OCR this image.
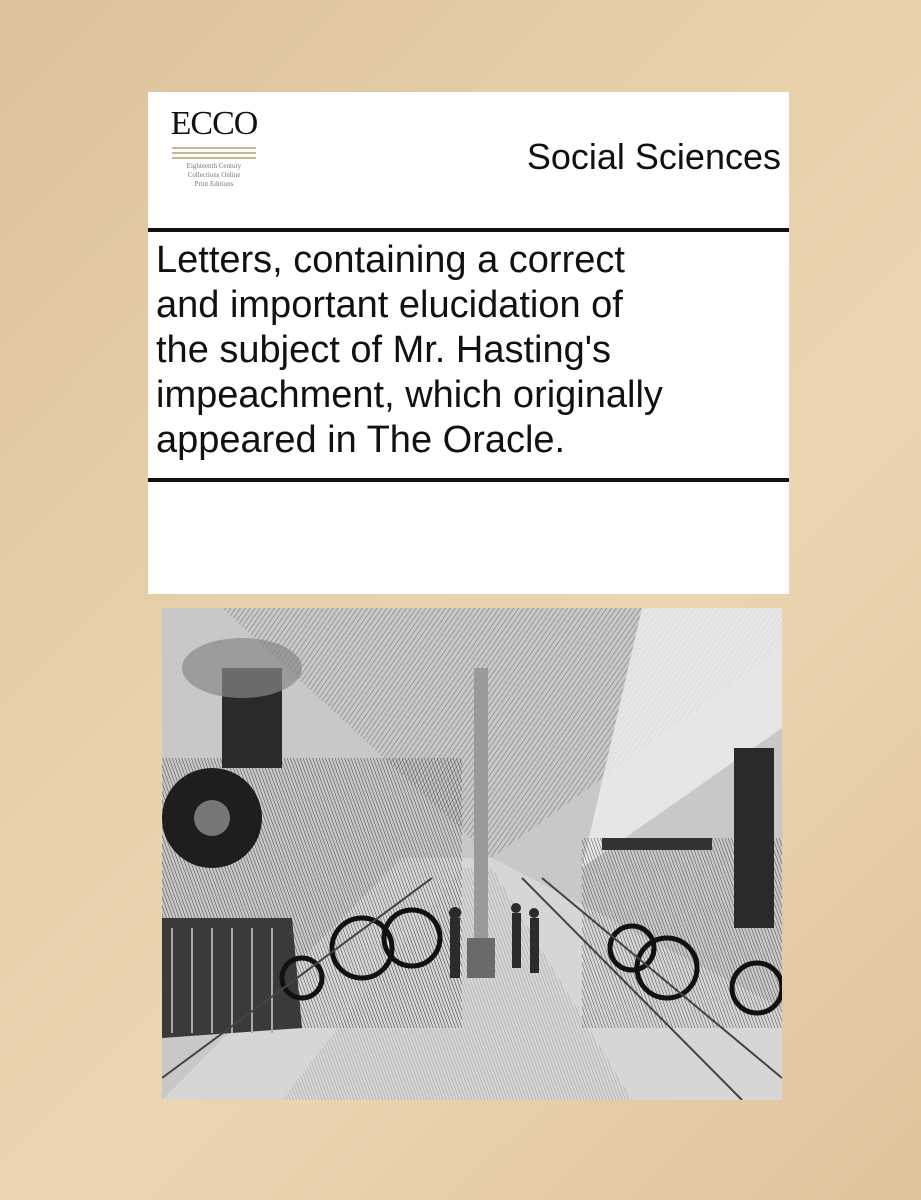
ECCO
Eighteenth Century
Collections Online
Print Editions
Social Sciences
Letters, containing a correct
and important elucidation of
the subject of Mr. Hasting's
impeachment, which originally
appeared in The Oracle.
